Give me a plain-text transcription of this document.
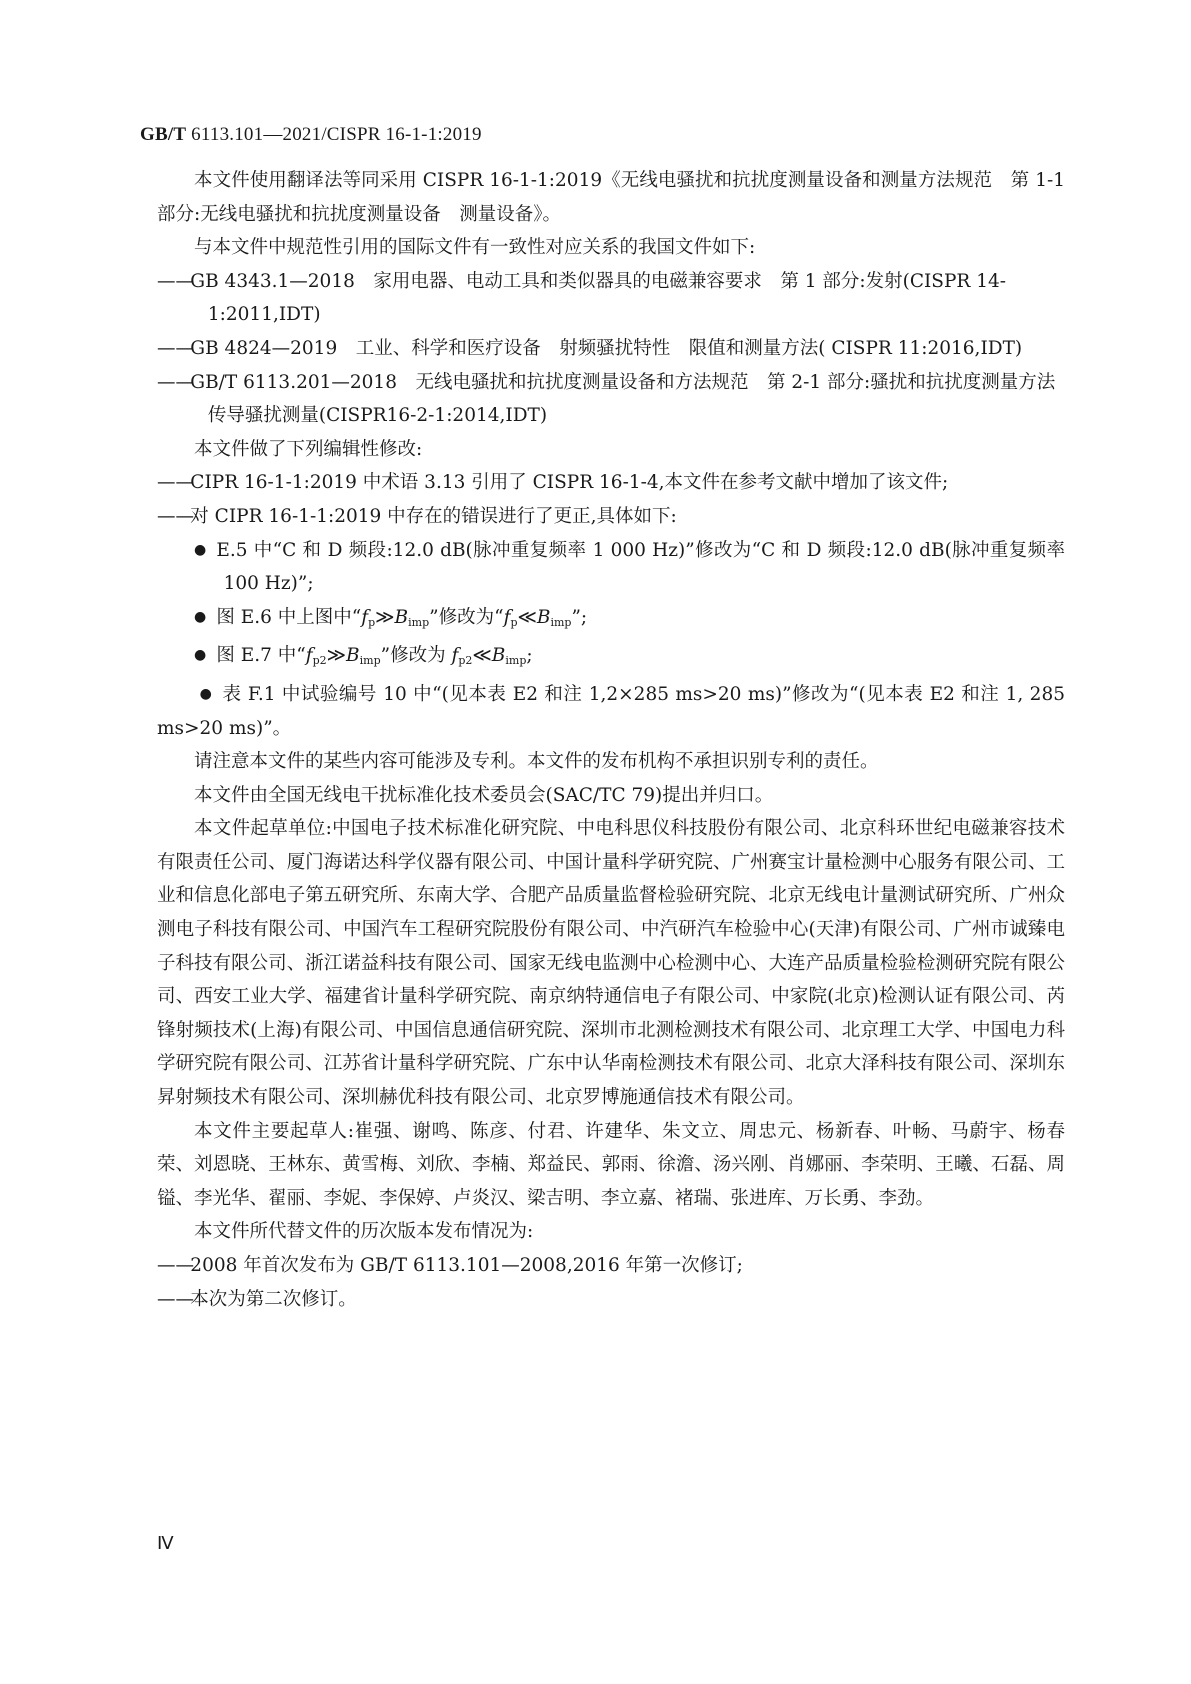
GB/T 6113.101—2021/CISPR 16-1-1:2019

本文件使用翻译法等同采用 CISPR 16-1-1:2019《无线电骚扰和抗扰度测量设备和测量方法规范　第 1-1 部分:无线电骚扰和抗扰度测量设备　测量设备》。

与本文件中规范性引用的国际文件有一致性对应关系的我国文件如下:

——GB 4343.1—2018　家用电器、电动工具和类似器具的电磁兼容要求　第 1 部分:发射(CISPR 14-1:2011,IDT)

——GB 4824—2019　工业、科学和医疗设备　射频骚扰特性　限值和测量方法( CISPR 11:2016,IDT)

——GB/T 6113.201—2018　无线电骚扰和抗扰度测量设备和方法规范　第 2-1 部分:骚扰和抗扰度测量方法　传导骚扰测量(CISPR16-2-1:2014,IDT)

本文件做了下列编辑性修改:

——CIPR 16-1-1:2019 中术语 3.13 引用了 CISPR 16-1-4,本文件在参考文献中增加了该文件;

——对 CIPR 16-1-1:2019 中存在的错误进行了更正,具体如下:

● E.5 中“C 和 D 频段:12.0 dB(脉冲重复频率 1 000 Hz)”修改为“C 和 D 频段:12.0 dB(脉冲重复频率 100 Hz)”;

● 图 E.6 中上图中“$f_p≫B_{imp}$”修改为“$f_p≪B_{imp}$”;

● 图 E.7 中“$f_{p2}≫B_{imp}$”修改为 $f_{p2}≪B_{imp}$;

● 表 F.1 中试验编号 10 中“(见本表 E2 和注 1,2×285 ms>20 ms)”修改为“(见本表 E2 和注 1, 285 ms>20 ms)”。

请注意本文件的某些内容可能涉及专利。本文件的发布机构不承担识别专利的责任。

本文件由全国无线电干扰标准化技术委员会(SAC/TC 79)提出并归口。

本文件起草单位:中国电子技术标准化研究院、中电科思仪科技股份有限公司、北京科环世纪电磁兼容技术有限责任公司、厦门海诺达科学仪器有限公司、中国计量科学研究院、广州赛宝计量检测中心服务有限公司、工业和信息化部电子第五研究所、东南大学、合肥产品质量监督检验研究院、北京无线电计量测试研究所、广州众测电子科技有限公司、中国汽车工程研究院股份有限公司、中汽研汽车检验中心(天津)有限公司、广州市诚臻电子科技有限公司、浙江诺益科技有限公司、国家无线电监测中心检测中心、大连产品质量检验检测研究院有限公司、西安工业大学、福建省计量科学研究院、南京纳特通信电子有限公司、中家院(北京)检测认证有限公司、芮锋射频技术(上海)有限公司、中国信息通信研究院、深圳市北测检测技术有限公司、北京理工大学、中国电力科学研究院有限公司、江苏省计量科学研究院、广东中认华南检测技术有限公司、北京大泽科技有限公司、深圳东昇射频技术有限公司、深圳赫优科技有限公司、北京罗博施通信技术有限公司。

本文件主要起草人:崔强、谢鸣、陈彦、付君、许建华、朱文立、周忠元、杨新春、叶畅、马蔚宇、杨春荣、刘恩晓、王林东、黄雪梅、刘欣、李楠、郑益民、郭雨、徐澹、汤兴刚、肖娜丽、李荣明、王曦、石磊、周镒、李光华、翟丽、李妮、李保婷、卢炎汉、梁吉明、李立嘉、褚瑞、张进库、万长勇、李劲。

本文件所代替文件的历次版本发布情况为:

——2008 年首次发布为 GB/T 6113.101—2008,2016 年第一次修订;

——本次为第二次修订。

Ⅳ
